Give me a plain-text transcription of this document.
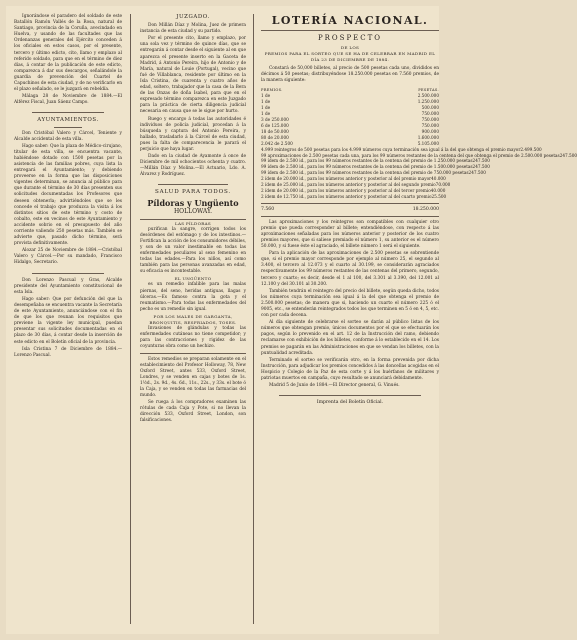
Ignorándose el paradero del soldado de este Batallón Ramón Vallés de la Rosa, natural de Santiago, provincia de la Coruña, avecindado en Huelva, y usando de las facultades que las Ordenanzas generales del Ejército conceden á los oficiales en estos casos, por el presente, tercero y último edicto, cito, llamo y emplazo al referido soldado, para que en el término de diez días, á contar de la publicación de este edicto, comparezca á dar sus descargos, señalándole la guardia de prevención del Cuartel de Capuchinos de esta ciudad, y de no verificarlo en el plazo señalado, se le juzgará en rebeldía.

Málaga 28 de Noviembre de 1884.—El Alférez Fiscal, Juan Sáenz Campo.

AYUNTAMIENTOS.

Don Cristóbal Valero y Cárcel, Teniente y Alcalde accidental de esta villa.

Hago saber: Que la plaza de Médico-cirujano, titular de esta villa, se encuentra vacante, habiéndose dotado con 1500 pesetas por la asistencia de las familias pobres, cuya lista la entregará el Ayuntamiento; y debiendo proveerse en la forma que las disposiciones vigentes determinan, se anuncia al público para que durante el término de 30 días presenten sus solicitudes documentadas los Profesores que deseen obtenerla; advirtiéndoles que se les concede el trabajo que produzca la visita á los distintos sitios de este término y costo de cobalto, este en vecinos de este Ayuntamiento y accidente sobrio en el presupuesto del año corriente valiendo 250 pesetas más. También se advierte que, pasado dicho término, será provista definitivamente.

Alozar 25 de Noviembre de 1884.—Cristóbal Valero y Cárcel.—Por su mandado, Francisco Hidalgo, Secretario.

Don Lorenzo Pascual y Gras, Alcalde presidente del Ayuntamiento constitucional de esta Isla.

Hago saber: Que por defunción del que la desempeñaba se encuentra vacante la Secretaría de este Ayuntamiento, anunciándose con el fin de que los que reunan los requisitos que previene la vigente ley municipal, puedan presentar sus solicitudes documentadas en el plazo de 30 días, á contar desde la inserción de este edicto en el Boletín oficial de la provincia.

Isla Cristina 7 de Diciembre de 1884.—Lorenzo Pascual.

JUZGADO.

Don Millán Díaz y Molina, Juez de primera instancia de esta ciudad y su partido.

Por el presente cito, llamo y emplazo, por una sola vez y término de quince días, que se entregarán á contar desde el siguiente al en que aparezca el presente inserto en la Gaceta de Madrid, á Antonio Pereira, hijo de Antonio y de María, natural de Louie (Portugal), vecino que fué de Villablanca, residente por último en la Isla Cristina, de cuarenta y cuatro años de edad, soltero, trabajador que la casa de la Bera de las Onzas de doña Isabel, para que en el expresado término comparezca en este Juzgado para la práctica de cierta diligencia judicial necesaria en causa que se le sigue por hurto.

Ruego y encargo á todas las autoridades é individuos de policía judicial, procedan á la búsqueda y captura del Antonio Pereira, y hallado, trasladarlo á la Cárcel de esta ciudad, pues la falta de comparecencia le parará el perjuicio que haya lugar.

Dado en la ciudad de Ayamonte á once de Diciembre de mil ochocientos ochenta y cuatro.—Millán Díaz y Molina.—El Actuario, Ldo. A. Álvarez y Rodríguez.

SALUD PARA TODOS.
Píldoras y Ungüento
HOLLOWAY.
LAS PÍLDORAS

purifican la sangre, corrigen todos los desórdenes del estómago y de los intestinos.—Fortifican la acción de los consumidores débiles, y son de un valor inestimable en todas las enfermedades peculiares al sexo femenino en todas las edades.—Para los niños, así como también para las personas avanzadas en edad, su eficacia es incontestable.

EL UNGÜENTO

es un remedio infalible para las malas piernas, del seno, heridas antiguas, llagas y úlceras.—Es famoso contra la gota y el reumatismo.—Para todas las enfermedades del pecho es un remedio sin igual.

POR LOS MALES DE GARGANTA, BRONQUITIS, RESFRIADOS, TOSES.

Invasiones de glándulas y todas las enfermedades cutáneas no tiene competidor; y para las contracciones y rigidez de las coyunturas obra como un hechizo.

Estos remedios se preparan solamente en el establecimiento del Profesor Holloway, 78, New Oxford Street, antes 533, Oxford Street, Londres, y se venden en cajas y botes de 1s. 1½d., 2s. 9d., 4s. 6d., 11s., 22s., y 33s. el bote ó la Caja, y se venden en todas las farmacias del mundo.

Se ruega á los compradores examinen las rótulas de cada Caja y Pote, si no llevan la dirección 533, Oxford Street, London, son falsificaciones.

LOTERÍA NACIONAL.
PROSPECTO
DE LOS
PREMIOS PARA EL SORTEO QUE SE HA DE CELEBRAR EN MADRID EL DÍA 23 DE DICIEMBRE DE 1884.

Constará de 50,000 billetes, al precio de 500 pesetas cada uno, divididos en décimos á 50 pesetas; distribuyéndose 18.250.000 pesetas en 7.560 premios, de la manera siguiente:

PREMIOS.	PESETAS.
1 de	2.500.000
1 de	1.250.000
1 de	500.000
1 de	750.000
3 de 250.000	750.000
6 de 125.000	750.000
18 de 50.000	900.000
80 de 20.000	1.600.000
2.042 de 2.500	5.105.000
4.999 reintegros de 500 pesetas para los 4.999 números cuya terminación sea igual á la del que obtenga el premio mayor 2.499.500
99 aproximaciones de 2.500 pesetas cada una, para los 99 números restantes de la centena del que obtenga el premio de 2.500.000 pesetas 247.500
99 ídem de 2.500 id., para los 99 números restantes de la centena del premio de 1.250.000 pesetas 247.500
99 ídem de 2.500 id., para los 99 números restantes de la centena del premio de 1.500.000 pesetas 247.500
99 ídem de 2.500 id., para los 99 números restantes de la centena del premio de 750.000 pesetas 247.500
2 ídem de 20.000 id., para los números anterior y posterior al del premio mayor 40.000
2 ídem de 25.000 id., para los números anterior y posterior al del segundo premio 70.000
2 ídem de 20.000 id., para los números anterior y posterior al del tercer premio 40.000
2 ídem de 12.750 id., para los números anterior y posterior al del cuarto premio 25.500
7.560	18.250.000

Las aproximaciones y los reintegros son compatibles con cualquier otro premio que pueda corresponder al billete; entendiéndose, con respecto á las aproximaciones señaladas para los números anterior y posterior de los cuatro premios mayores, que si saliese premiado el número 1, su anterior es el número 50.000, y si fuese éste el agraciado, el billete número 1 será el siguiente.

Para la aplicación de las aproximaciones de 2.500 pesetas se sobrentiende que, si el premio mayor corresponde por ejemplo al número 25, el segundo al 3.400, el tercero al 12.073 y el cuarto al 30.199, se considerarán agraciados respectivamente los 99 números restantes de las centenas del primero, segundo, tercero y cuarto; es decir, desde el 1 al 100, del 3.301 al 3.390, del 12.001 al 12.100 y del 30.101 al 30.200.

También tendrán el reintegro del precio del billete, según queda dicho, todos los números cuya terminación sea igual á la del que obtenga el premio de 2.500.000 pesetas; de manera que si, haciendo un cuarto el número 225 ó el 9005, etc., se entenderán reintegrados todos los que terminen en 5 ó en 4, 5, etc. con por cada decena.

Al día siguiente de celebrarse el sorteo se darán al público listas de los números que obtengan premio, únicos documentos por el que se efectuarán los pagos, según lo prevenido en el art. 12 de la Instrucción del ramo, debiendo reclamarse con exhibición de los billetes, conforme á lo establecido en el 14. Los premios se pagarán en las Administraciones en que se vendan los billetes, con la puntualidad acreditada.

Terminado el sorteo se verificarán otro, en la forma prevenida por dicha Instrucción, para adjudicar los premios concedidos á las doncellas acogidas en el Hospicio y Colegio de la Paz de esta corte y á los huérfanos de militares y patriotas muertos en campaña, cuyo resultado se anunciará debidamente.

Madrid 5 de Junio de 1884.—El Director general, G. Vinués.

Imprenta del Boletín Oficial.
